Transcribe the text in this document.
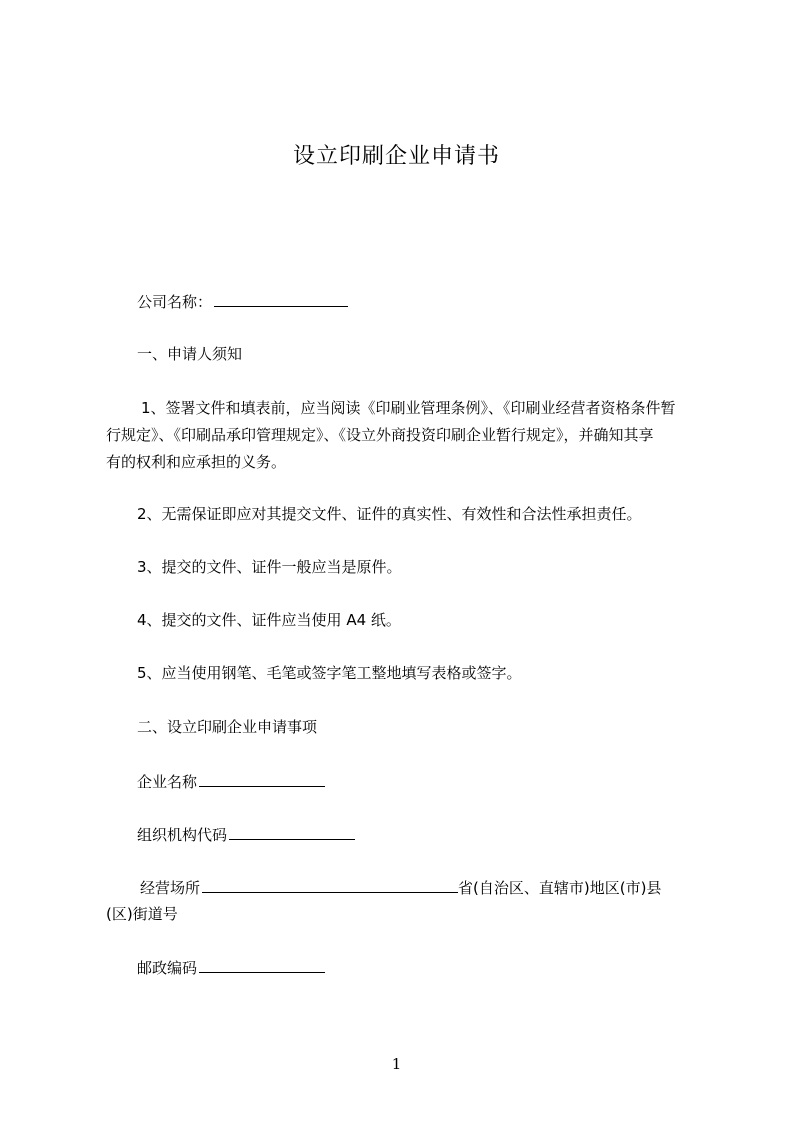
设立印刷企业申请书
公司名称：
一、申请人须知
1、签署文件和填表前，应当阅读《印刷业管理条例》、《印刷业经营者资格条件暂
行规定》、《印刷品承印管理规定》、《设立外商投资印刷企业暂行规定》，并确知其享
有的权利和应承担的义务。
2、无需保证即应对其提交文件、证件的真实性、有效性和合法性承担责任。
3、提交的文件、证件一般应当是原件。
4、提交的文件、证件应当使用 A4 纸。
5、应当使用钢笔、毛笔或签字笔工整地填写表格或签字。
二、设立印刷企业申请事项
企业名称
组织机构代码
经营场所	省(自治区、直辖市)地区(市)县
(区)街道号
邮政编码
1
